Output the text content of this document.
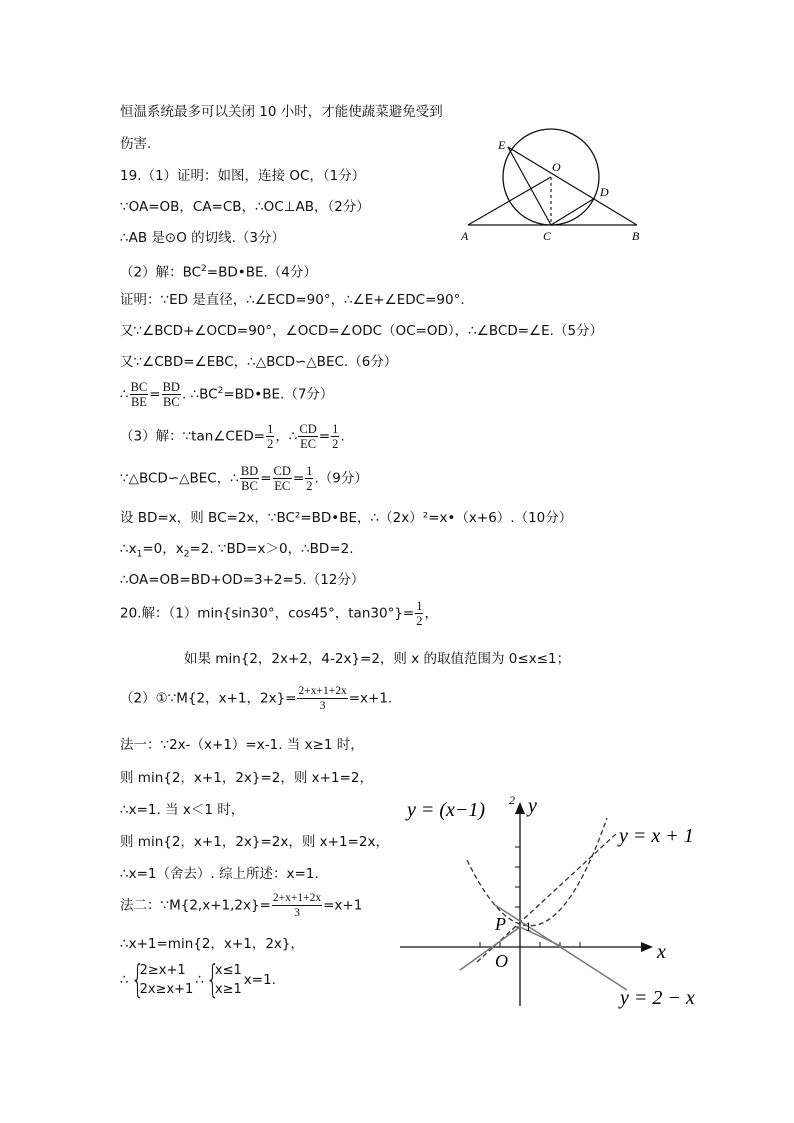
恒温系统最多可以关闭 10 小时，才能使蔬菜避免受到
伤害.
19.（1）证明：如图，连接 OC，（1分）
∵OA=OB，CA=CB，∴OC⊥AB，（2分）
∴AB 是⊙O 的切线.（3分）
（2）解：$BC^2=BD•BE.(4$分）
证明：∵ED 是直径，∴∠ECD=90°，∴∠E+∠EDC=90°.
又∵∠BCD+∠OCD=90°，∠OCD=∠ODC（OC=OD），∴∠BCD=∠E.（5分）
又∵∠CBD=∠EBC，∴△BCD∽△BEC.（6分）
∴ $\frac{BC}{BE} = \frac{BD}{BC}$ . $\therefore BC^2=BD•BE.(7$分）
（3）解：∵tan∠CED= $\frac{1}{2}$ ，∴ $\frac{CD}{EC} = \frac{1}{2}$ .
∵△BCD∽△BEC，∴ $\frac{BD}{BC} = \frac{CD}{EC} = \frac{1}{2} .(9$分）
设 BD=x，则 BC=2x，∵BC²=BD•BE，∴（2x）²=x•（x+6）.（10分）
$\therefore x_1=0$，$x_2=2$. ∵BD=x＞0，∴BD=2.
∴OA=OB=BD+OD=3+2=5.（12分）
20.解：（1）min{sin30°，cos45°，$\tan 30^\circ\}= \frac{1}{2}$ ，
如果 min{2，2x+2，4-2x}=2，则 x 的取值范围为 0≤x≤1；
（2）①∵M{2，x+1，$2x\}= \frac{2+x+1+2x}{3} =x+1$.
法一：∵2x-（x+1）=x-1. 当 x≥1 时，
则 min{2，x+1，2x}=2，则 x+1=2，
∴x=1. 当 x＜1 时，
则 min{2，x+1，2x}=2x，则 x+1=2x，
∴x=1（舍去）. 综上所述：x=1.
法二：∵M{2,x+1,2x}= $\frac{2+x+1+2x}{3} =x+1$
∴x+1=min{2，x+1，2x}，
∴ {
2≥x+1
2x≥x+1
∴ {
x≤1
x≥1
x=1.
E
O
D
A	C	B
y = (x−1) 2 y
y = x + 1
x
y = 2 − x
P 1
O
